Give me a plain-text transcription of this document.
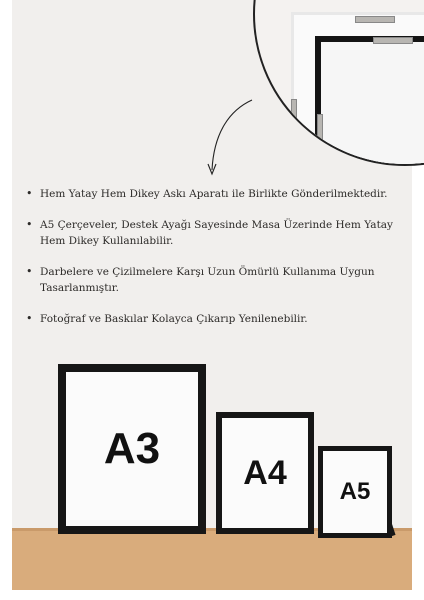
• Hem Yatay Hem Dikey Askı Aparatı ile Birlikte Gönderilmektedir.
• A5 Çerçeveler, Destek Ayağı Sayesinde Masa Üzerinde Hem Yatay Hem Dikey Kullanılabilir.
• Darbelere ve Çizilmelere Karşı Uzun Ömürlü Kullanıma Uygun Tasarlanmıştır.
• Fotoğraf ve Baskılar Kolayca Çıkarıp Yenilenebilir.
A3 A4 A5
